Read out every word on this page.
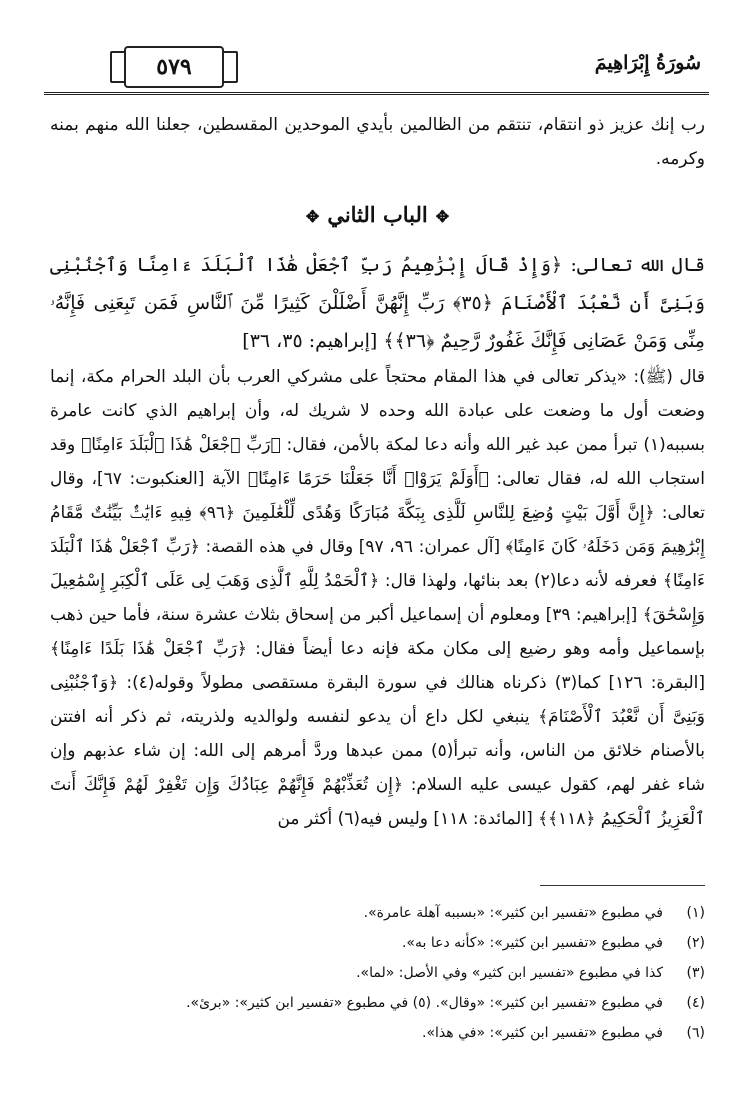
٥٧٩	سُورَةُ إِبْرَاهِيمَ

رب إنك عزيز ذو انتقام، تنتقم من الظالمين بأيدي الموحدين المقسطين، جعلنا الله منهم بمنه وكرمه.

✥الباب الثاني✥

قال الله تعالى: ﴿وَإِذْ قَالَ إِبْرَٰهِيمُ رَبِّ ٱجْعَلْ هَٰذَا ٱلْبَلَدَ ءَامِنًا وَٱجْنُبْنِى وَبَنِىَّ أَن نَّعْبُدَ ٱلْأَصْنَامَ ﴿٣٥﴾ رَبِّ إِنَّهُنَّ أَضْلَلْنَ كَثِيرًا مِّنَ ٱلنَّاسِ فَمَن تَبِعَنِى فَإِنَّهُۥ مِنِّى وَمَنْ عَصَانِى فَإِنَّكَ غَفُورٌ رَّحِيمٌ ﴿٣٦﴾﴾ [إبراهيم: ٣٥، ٣٦]

قال (ﷺ): «يذكر تعالى في هذا المقام محتجاً على مشركي العرب بأن البلد الحرام مكة، إنما وضعت أول ما وضعت على عبادة الله وحده لا شريك له، وأن إبراهيم الذي كانت عامرة بسببه(١) تبرأ ممن عبد غير الله وأنه دعا لمكة بالأمن، فقال: ﴿رَبِّ ٱجْعَلْ هَٰذَا ٱلْبَلَدَ ءَامِنًا﴾ وقد استجاب الله له، فقال تعالى: ﴿أَوَلَمْ يَرَوْا۟ أَنَّا جَعَلْنَا حَرَمًا ءَامِنًا﴾ الآية [العنكبوت: ٦٧]، وقال تعالى: ﴿إِنَّ أَوَّلَ بَيْتٍ وُضِعَ لِلنَّاسِ لَلَّذِى بِبَكَّةَ مُبَارَكًا وَهُدًى لِّلْعَٰلَمِينَ ﴿٩٦﴾ فِيهِ ءَايَٰتٌۢ بَيِّنَٰتٌ مَّقَامُ إِبْرَٰهِيمَ وَمَن دَخَلَهُۥ كَانَ ءَامِنًا﴾ [آل عمران: ٩٦، ٩٧] وقال في هذه القصة: ﴿رَبِّ ٱجْعَلْ هَٰذَا ٱلْبَلَدَ ءَامِنًا﴾ فعرفه لأنه دعا(٢) بعد بنائها، ولهذا قال: ﴿ٱلْحَمْدُ لِلَّهِ ٱلَّذِى وَهَبَ لِى عَلَى ٱلْكِبَرِ إِسْمَٰعِيلَ وَإِسْحَٰقَ﴾ [إبراهيم: ٣٩] ومعلوم أن إسماعيل أكبر من إسحاق بثلاث عشرة سنة، فأما حين ذهب بإسماعيل وأمه وهو رضيع إلى مكان مكة فإنه دعا أيضاً فقال: ﴿رَبِّ ٱجْعَلْ هَٰذَا بَلَدًا ءَامِنًا﴾ [البقرة: ١٢٦] كما(٣) ذكرناه هنالك في سورة البقرة مستقصى مطولاً وقوله(٤): ﴿وَٱجْنُبْنِى وَبَنِىَّ أَن نَّعْبُدَ ٱلْأَصْنَامَ﴾ ينبغي لكل داع أن يدعو لنفسه ولوالديه ولذريته، ثم ذكر أنه افتتن بالأصنام خلائق من الناس، وأنه تبرأ(٥) ممن عبدها وردَّ أمرهم إلى الله: إن شاء عذبهم وإن شاء غفر لهم، كقول عيسى عليه السلام: ﴿إِن تُعَذِّبْهُمْ فَإِنَّهُمْ عِبَادُكَ وَإِن تَغْفِرْ لَهُمْ فَإِنَّكَ أَنتَ ٱلْعَزِيزُ ٱلْحَكِيمُ ﴿١١٨﴾﴾ [المائدة: ١١٨] وليس فيه(٦) أكثر من

(١)
في مطبوع «تفسير ابن كثير»: «بسببه آهلة عامرة».
(٢)
في مطبوع «تفسير ابن كثير»: «كأنه دعا به».
(٣)
كذا في مطبوع «تفسير ابن كثير» وفي الأصل: «لما».
(٤)
في مطبوع «تفسير ابن كثير»: «وقال». (٥) في مطبوع «تفسير ابن كثير»: «برئ».
(٦)
في مطبوع «تفسير ابن كثير»: «في هذا».
